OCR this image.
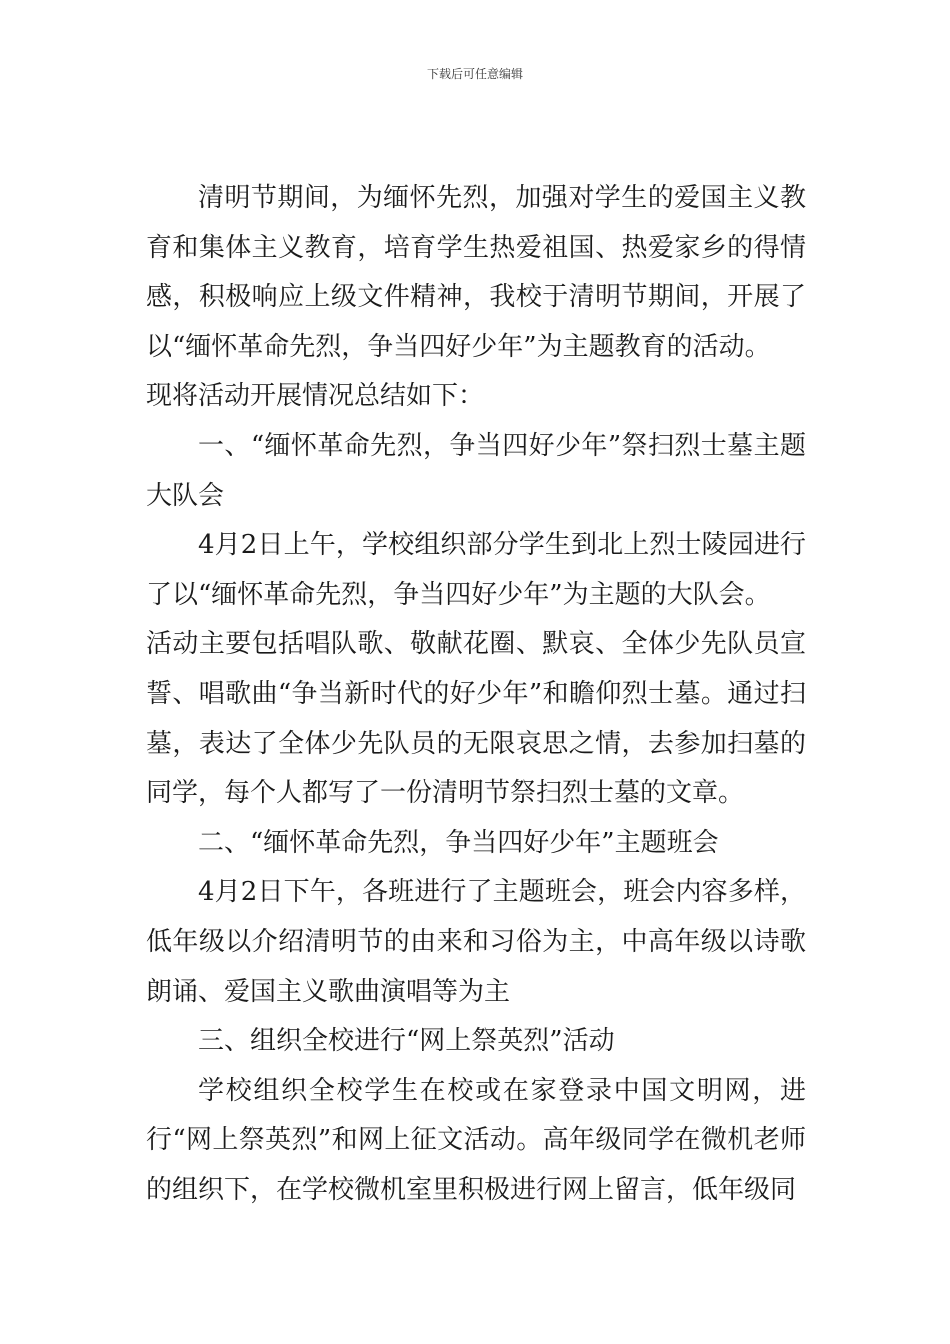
下载后可任意编辑

清明节期间，为缅怀先烈，加强对学生的爱国主义教育和集体主义教育，培育学生热爱祖国、热爱家乡的得情感，积极响应上级文件精神，我校于清明节期间，开展了以“缅怀革命先烈，争当四好少年”为主题教育的活动。

现将活动开展情况总结如下：

一、“缅怀革命先烈，争当四好少年”祭扫烈士墓主题大队会

4月2日上午，学校组织部分学生到北上烈士陵园进行了以“缅怀革命先烈，争当四好少年”为主题的大队会。

活动主要包括唱队歌、敬献花圈、默哀、全体少先队员宣誓、唱歌曲“争当新时代的好少年”和瞻仰烈士墓。通过扫墓，表达了全体少先队员的无限哀思之情，去参加扫墓的同学，每个人都写了一份清明节祭扫烈士墓的文章。

二、“缅怀革命先烈，争当四好少年”主题班会

4月2日下午，各班进行了主题班会，班会内容多样，低年级以介绍清明节的由来和习俗为主，中高年级以诗歌朗诵、爱国主义歌曲演唱等为主

三、组织全校进行“网上祭英烈”活动

学校组织全校学生在校或在家登录中国文明网，进行“网上祭英烈”和网上征文活动。高年级同学在微机老师的组织下，在学校微机室里积极进行网上留言，低年级同
